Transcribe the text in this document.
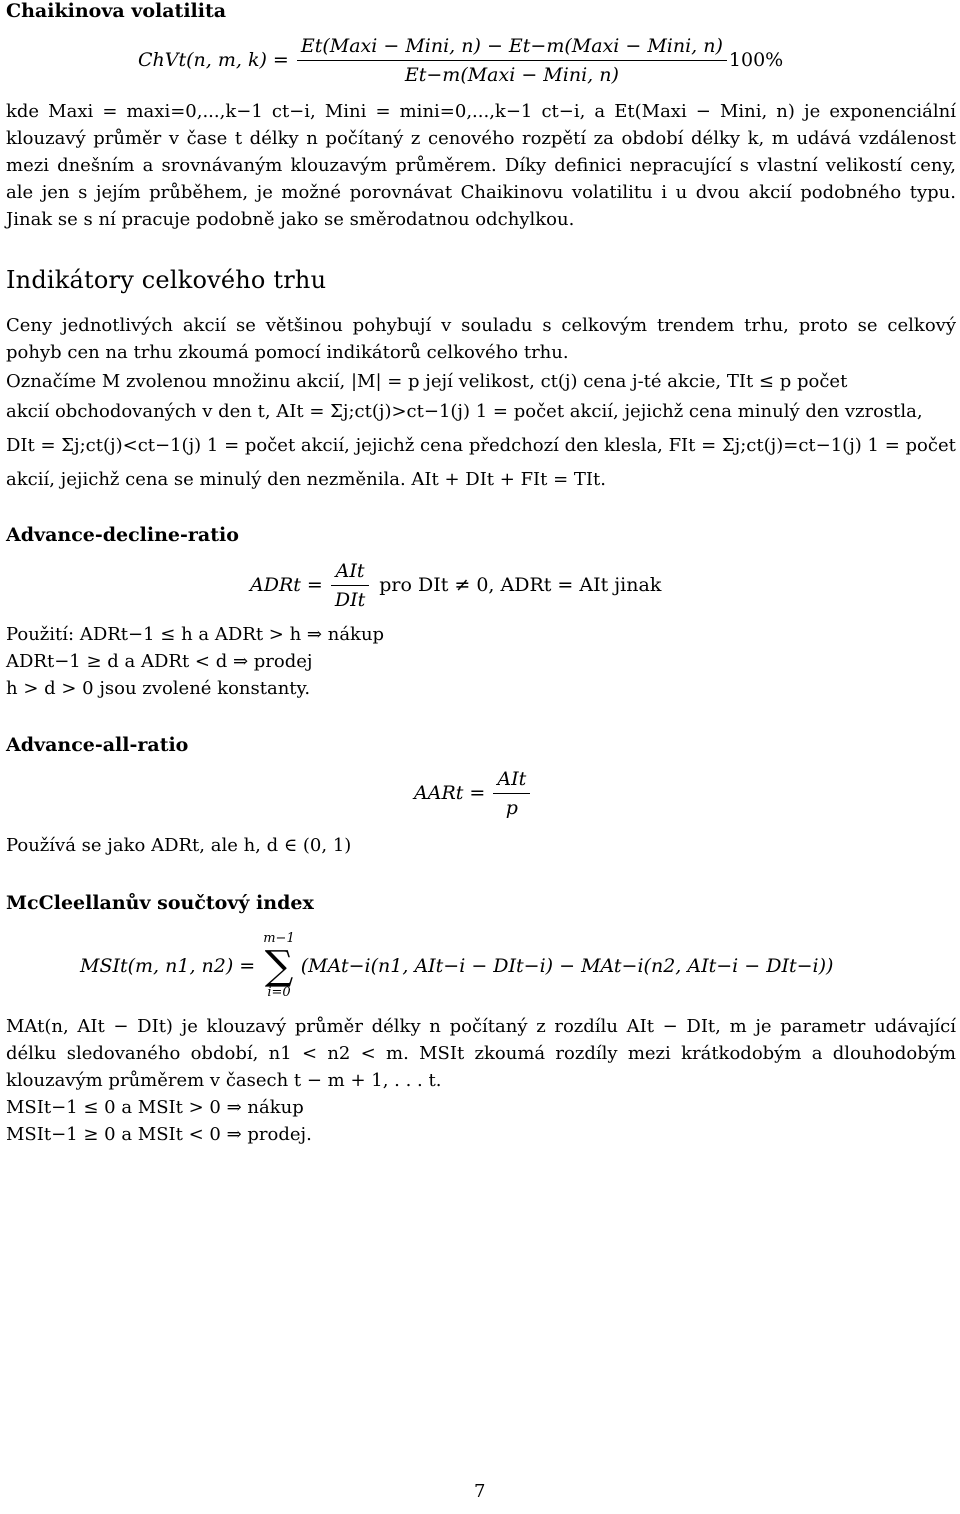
Chaikinova volatilita
ChVt(n, m, $k) = \frac{\text{Et(Maxi − Mini, n) − Et−m(Maxi − Mini, n)}}{\text{Et−m(Maxi − Mini, n)}} 100\%$
kde Maxi = maxi=0,...,k−1 ct−i, Mini = mini=0,...,k−1 ct−i, a Et(Maxi − Mini, n) je exponenciální klouzavý průměr v čase t délky n počítaný z cenového rozpětí za období délky k, m udává vzdálenost mezi dnešním a srovnávaným klouzavým průměrem. Díky definici nepracující s vlastní velikostí ceny, ale jen s jejím průběhem, je možné porovnávat Chaikinovu volatilitu i u dvou akcií podobného typu. Jinak se s ní pracuje podobně jako se směrodatnou odchylkou.
Indikátory celkového trhu
Ceny jednotlivých akcií se většinou pohybují v souladu s celkovým trendem trhu, proto se celkový pohyb cen na trhu zkoumá pomocí indikátorů celkového trhu.
Označíme M zvolenou množinu akcií, |M| = p její velikost, ct(j) cena j-té akcie, TIt ≤ p počet
akcií obchodovaných v den t, AIt = Σj;ct(j)>ct−1(j) 1 = počet akcií, jejichž cena minulý den vzrostla,
DIt = Σj;ct(j)<ct−1(j) 1 = počet akcií, jejichž cena předchozí den klesla, FIt = Σj;ct(j)=ct−1(j) 1 = počet
akcií, jejichž cena se minulý den nezměnila. AIt + DIt + FIt = TIt.
Advance-decline-ratio
ADRt = $\frac{\text{AIt}}{\text{DIt}}$ pro DIt ≠ 0, ADRt = AIt jinak
Použití: ADRt−1 ≤ h a ADRt > h ⇒ nákup
ADRt−1 ≥ d a ADRt < d ⇒ prodej
h > d > 0 jsou zvolené konstanty.
Advance-all-ratio
AARt = $\frac{\text{AIt}}{p}$
Používá se jako ADRt, ale h, d ∈ (0, 1)
McCleellanův součtový index
MSIt(m, n1, n2) =
m−1
∑
i=0
(MAt−i(n1, AIt−i − DIt−i) − MAt−i(n2, AIt−i − DIt−i))
MAt(n, AIt − DIt) je klouzavý průměr délky n počítaný z rozdílu AIt − DIt, m je parametr udávající délku sledovaného období, n1 < n2 < m. MSIt zkoumá rozdíly mezi krátkodobým a dlouhodobým klouzavým průměrem v časech t − m + 1, . . . t.
MSIt−1 ≤ 0 a MSIt > 0 ⇒ nákup
MSIt−1 ≥ 0 a MSIt < 0 ⇒ prodej.
7
